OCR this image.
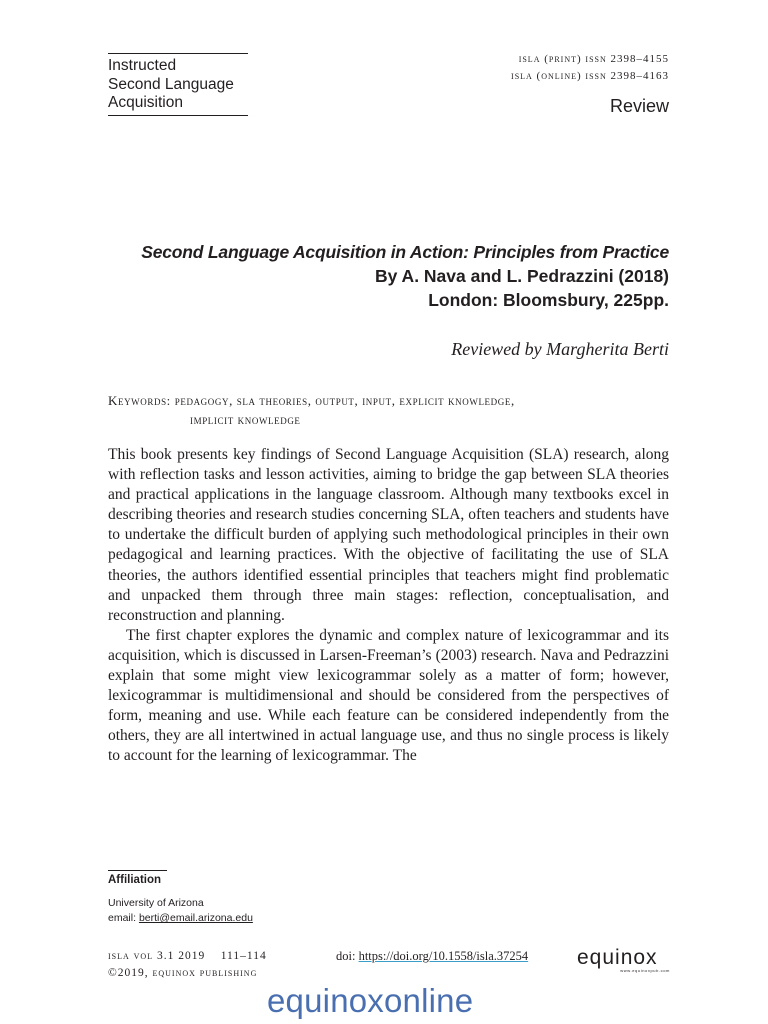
Instructed
Second Language
Acquisition
isla (print) issn 2398–4155
isla (online) issn 2398–4163
Review
Second Language Acquisition in Action: Principles from Practice
By A. Nava and L. Pedrazzini (2018)
London: Bloomsbury, 225pp.
Reviewed by Margherita Berti
Keywords: pedagogy, sla theories, output, input, explicit knowledge,
implicit knowledge

This book presents key findings of Second Language Acquisition (SLA) research, along with reflection tasks and lesson activities, aiming to bridge the gap between SLA theories and practical applications in the language classroom. Although many textbooks excel in describing theories and research studies concerning SLA, often teachers and students have to undertake the difficult burden of applying such methodological principles in their own pedagogical and learning practices. With the objective of facilitating the use of SLA theories, the authors identified essential principles that teachers might find problematic and unpacked them through three main stages: reflection, conceptualisation, and reconstruction and planning.

The first chapter explores the dynamic and complex nature of lexicogrammar and its acquisition, which is discussed in Larsen-Freeman’s (2003) research. Nava and Pedrazzini explain that some might view lexicogrammar solely as a matter of form; however, lexicogrammar is multidimensional and should be considered from the perspectives of form, meaning and use. While each feature can be considered independently from the others, they are all intertwined in actual language use, and thus no single process is likely to account for the learning of lexicogrammar. The

Affiliation
University of Arizona
email: berti@email.arizona.edu
isla vol 3.1 2019    111–114
©2019, equinox publishing
doi: https://doi.org/10.1558/isla.37254 equinox
www.equinoxpub.com
equinoxonline
